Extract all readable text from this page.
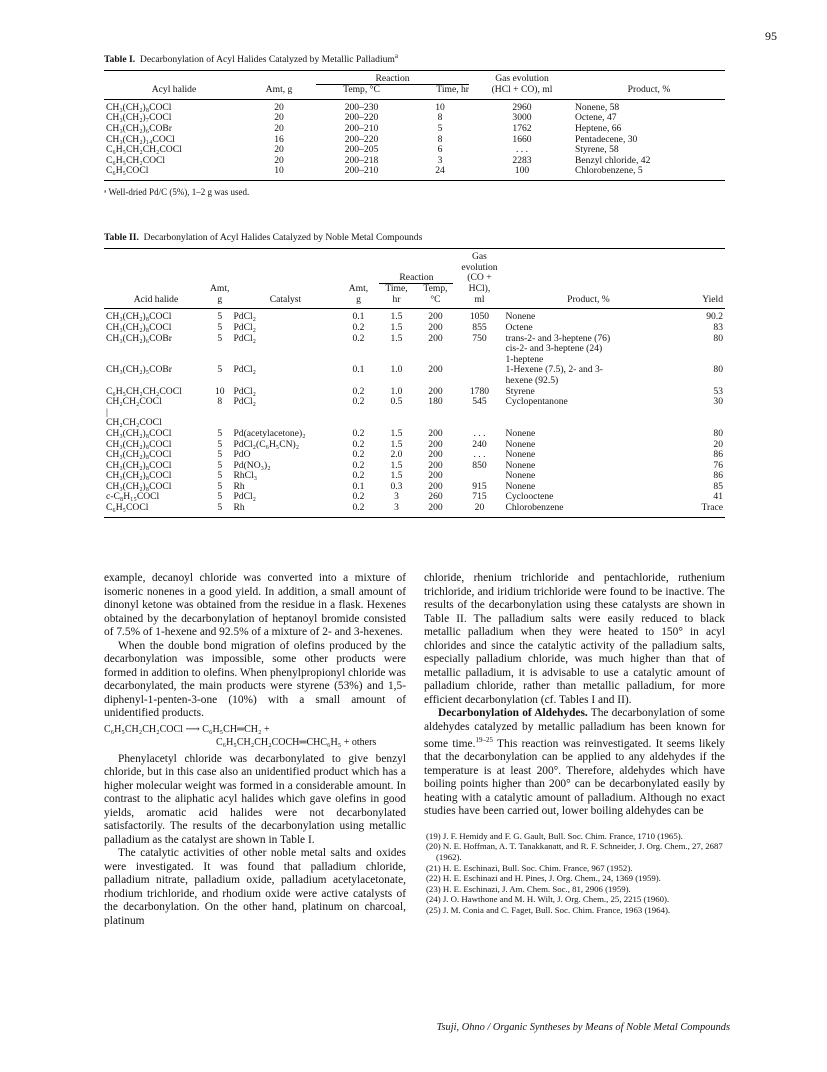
95
Table I. Decarbonylation of Acyl Halides Catalyzed by Metallic Palladium$^a$

		Reaction		Gas evolution	
Acyl halide	Amt, g	Temp, °C	Time, hr	(HCl + CO), ml	Product, %
CH₃(CH₂)₈COCl	20	200–230	10	2960	Nonene, 58
CH₃(CH₂)₇COCl	20	200–220	8	3000	Octene, 47
CH₃(CH₂)₆COBr	20	200–210	5	1762	Heptene, 66
CH₃(CH₂)₁₄COCl	16	200–220	8	1660	Pentadecene, 30
C₆H₅CH₂CH₂COCl	20	200–205	6	. . .	Styrene, 58
C₆H₅CH₂COCl	20	200–218	3	2283	Benzyl chloride, 42
C₆H₅COCl	10	200–210	24	100	Chlorobenzene, 5
ᵃ Well-dried Pd/C (5%), 1–2 g was used.
Table II. Decarbonylation of Acyl Halides Catalyzed by Noble Metal Compounds

						Gas
evolution		

				Reaction		(CO +		
	Amt,		Amt,	Time,	Temp,	HCl),		
Acid halide	g	Catalyst	g	hr	°C	ml	Product, %	Yield
CH₃(CH₂)₈COCl	5	PdCl₂	0.1	1.5	200	1050	Nonene	90.2
CH₃(CH₂)₈COCl	5	PdCl₂	0.2	1.5	200	855	Octene	83
CH₃(CH₂)₆COBr	5	PdCl₂	0.2	1.5	200	750	trans-2- and 3-heptene (76)	80
							cis-2- and 3-heptene (24)	
							1-heptene	
CH₃(CH₂)₅COBr	5	PdCl₂	0.1	1.0	200		1-Hexene (7.5), 2- and 3-	80
							hexene (92.5)	
C₆H₅CH₂CH₂COCl	10	PdCl₂	0.2	1.0	200	1780	Styrene	53
CH₂CH₂COCl	8	PdCl₂	0.2	0.5	180	545	Cyclopentanone	30
|								
CH₂CH₂COCl								
CH₃(CH₂)₈COCl	5	Pd(acetylacetone)₂	0.2	1.5	200	. . .	Nonene	80
CH₃(CH₂)₈COCl	5	PdCl₂(C₆H₅CN)₂	0.2	1.5	200	240	Nonene	20
CH₃(CH₂)₈COCl	5	PdO	0.2	2.0	200	. . .	Nonene	86
CH₃(CH₂)₈COCl	5	Pd(NO₃)₂	0.2	1.5	200	850	Nonene	76
CH₃(CH₂)₈COCl	5	RhCl₃	0.2	1.5	200		Nonene	86
CH₃(CH₂)₈COCl	5	Rh	0.1	0.3	200	915	Nonene	85
c-C₈H₁₅COCl	5	PdCl₂	0.2	3	260	715	Cyclooctene	41
C₆H₅COCl	5	Rh	0.2	3	200	20	Chlorobenzene	Trace

example, decanoyl chloride was converted into a mixture of isomeric nonenes in a good yield. In addition, a small amount of dinonyl ketone was obtained from the residue in a flask. Hexenes obtained by the decarbonylation of heptanoyl bromide consisted of 7.5% of 1-hexene and 92.5% of a mixture of 2- and 3-hexenes.

When the double bond migration of olefins produced by the decarbonylation was impossible, some other products were formed in addition to olefins. When phenylpropionyl chloride was decarbonylated, the main products were styrene (53%) and 1,5-diphenyl-1-penten-3-one (10%) with a small amount of unidentified products.

C₆H₅CH₂CH₂COCl ⟶ C₆H₅CH═CH₂ +
C₆H₅CH₂CH₂COCH═CHC₆H₅ + others

Phenylacetyl chloride was decarbonylated to give benzyl chloride, but in this case also an unidentified product which has a higher molecular weight was formed in a considerable amount. In contrast to the aliphatic acyl halides which gave olefins in good yields, aromatic acid halides were not decarbonylated satisfactorily. The results of the decarbonylation using metallic palladium as the catalyst are shown in Table I.

The catalytic activities of other noble metal salts and oxides were investigated. It was found that palladium chloride, palladium nitrate, palladium oxide, palladium acetylacetonate, rhodium trichloride, and rhodium oxide were active catalysts of the decarbonylation. On the other hand, platinum on charcoal, platinum

chloride, rhenium trichloride and pentachloride, ruthenium trichloride, and iridium trichloride were found to be inactive. The results of the decarbonylation using these catalysts are shown in Table II. The palladium salts were easily reduced to black metallic palladium when they were heated to 150° in acyl chlorides and since the catalytic activity of the palladium salts, especially palladium chloride, was much higher than that of metallic palladium, it is advisable to use a catalytic amount of palladium chloride, rather than metallic palladium, for more efficient decarbonylation (cf. Tables I and II).

Decarbonylation of Aldehydes. The decarbonylation of some aldehydes catalyzed by metallic palladium has been known for some time.$^{19-25}$ This reaction was reinvestigated. It seems likely that the decarbonylation can be applied to any aldehydes if the temperature is at least 200°. Therefore, aldehydes which have boiling points higher than 200° can be decarbonylated easily by heating with a catalytic amount of palladium. Although no exact studies have been carried out, lower boiling aldehydes can be

(19) J. F. Hemidy and F. G. Gault, Bull. Soc. Chim. France, 1710 (1965).
(20) N. E. Hoffman, A. T. Tanakkanatt, and R. F. Schneider, J. Org. Chem., 27, 2687 (1962).
(21) H. E. Eschinazi, Bull. Soc. Chim. France, 967 (1952).
(22) H. E. Eschinazi and H. Pines, J. Org. Chem., 24, 1369 (1959).
(23) H. E. Eschinazi, J. Am. Chem. Soc., 81, 2906 (1959).
(24) J. O. Hawthone and M. H. Wilt, J. Org. Chem., 25, 2215 (1960).
(25) J. M. Conia and C. Faget, Bull. Soc. Chim. France, 1963 (1964).
Tsuji, Ohno / Organic Syntheses by Means of Noble Metal Compounds
